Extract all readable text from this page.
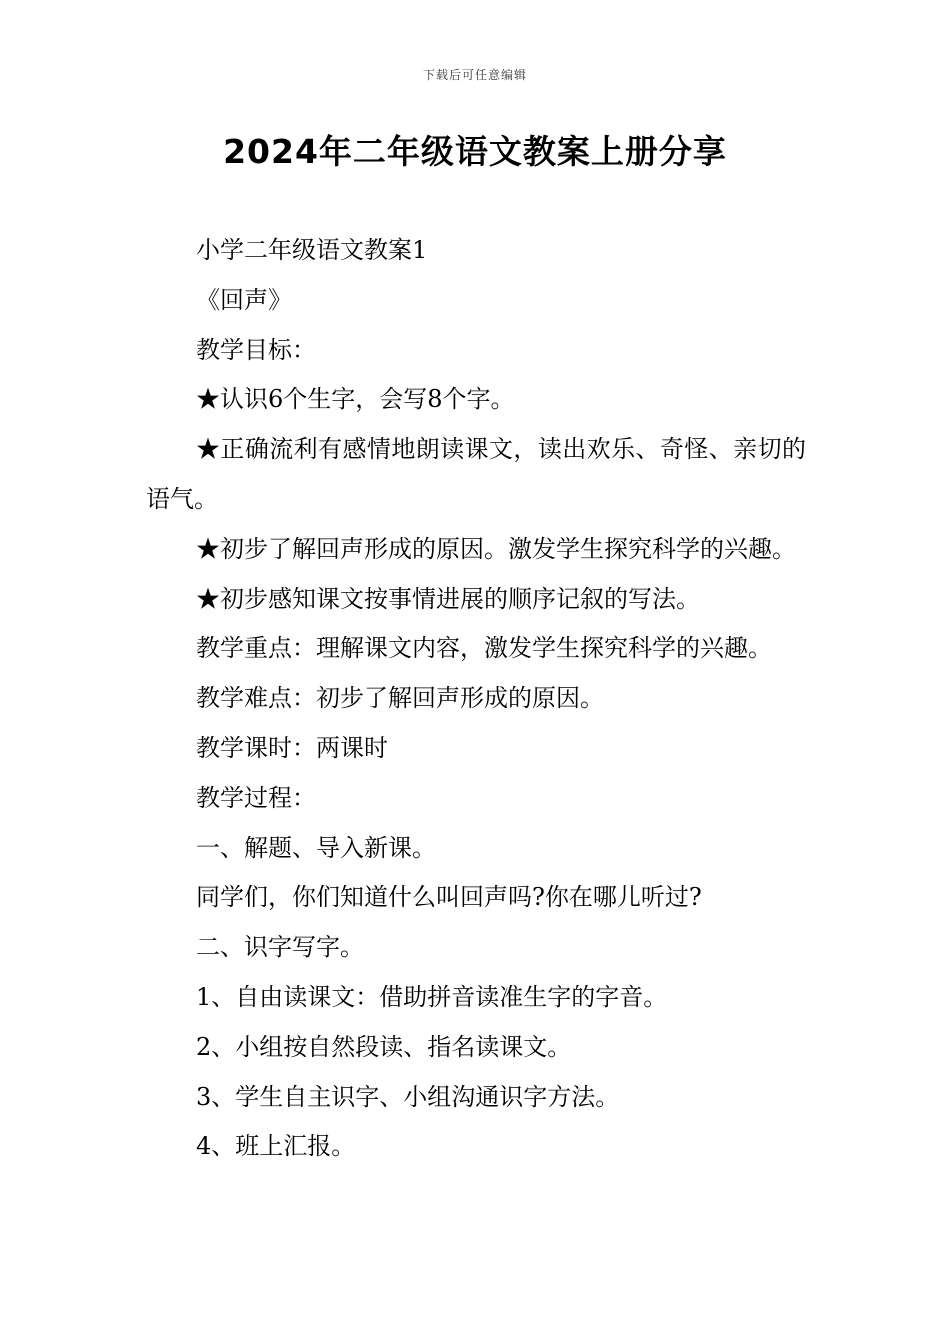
下载后可任意编辑
2024年二年级语文教案上册分享

小学二年级语文教案1

《回声》

教学目标：

★认识6个生字，会写8个字。

★正确流利有感情地朗读课文，读出欢乐、奇怪、亲切的语气。

★初步了解回声形成的原因。激发学生探究科学的兴趣。

★初步感知课文按事情进展的顺序记叙的写法。

教学重点：理解课文内容，激发学生探究科学的兴趣。

教学难点：初步了解回声形成的原因。

教学课时：两课时

教学过程：

一、解题、导入新课。

同学们，你们知道什么叫回声吗?你在哪儿听过?

二、识字写字。

1、自由读课文：借助拼音读准生字的字音。

2、小组按自然段读、指名读课文。

3、学生自主识字、小组沟通识字方法。

4、班上汇报。
